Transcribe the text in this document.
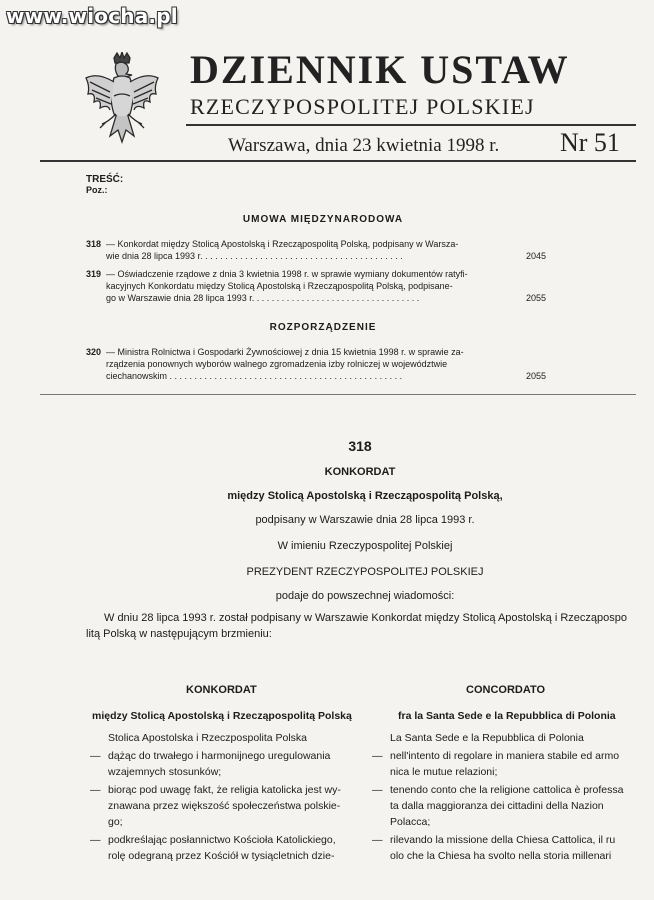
www.wiocha.pl
DZIENNIK USTAW
RZECZYPOSPOLITEJ POLSKIEJ
Warszawa, dnia 23 kwietnia 1998 r. Nr 51
TREŚĆ:
Poz.:
UMOWA MIĘDZYNARODOWA
318 — Konkordat między Stolicą Apostolską i Rzecząpospolitą Polską, podpisany w Warsza-
wie dnia 28 lipca 1993 r. . . . . . . . . . . . . . . . . . . . . . . . . . . . . . . . . . . . . . . . .	2045
319 — Oświadczenie rządowe z dnia 3 kwietnia 1998 r. w sprawie wymiany dokumentów ratyfi-
kacyjnych Konkordatu między Stolicą Apostolską i Rzecząpospolitą Polską, podpisane-
go w Warszawie dnia 28 lipca 1993 r. . . . . . . . . . . . . . . . . . . . . . . . . . . . . . . . . .	2055
ROZPORZĄDZENIE
320 — Ministra Rolnictwa i Gospodarki Żywnościowej z dnia 15 kwietnia 1998 r. w sprawie za-
rządzenia ponownych wyborów walnego zgromadzenia izby rolniczej w województwie
ciechanowskim . . . . . . . . . . . . . . . . . . . . . . . . . . . . . . . . . . . . . . . . . . . . . . .	2055
318
KONKORDAT
między Stolicą Apostolską i Rzecząpospolitą Polską,
podpisany w Warszawie dnia 28 lipca 1993 r.
W imieniu Rzeczypospolitej Polskiej
PREZYDENT RZECZYPOSPOLITEJ POLSKIEJ
podaje do powszechnej wiadomości:
W dniu 28 lipca 1993 r. został podpisany w Warszawie Konkordat między Stolicą Apostolską i Rzecząpospo
litą Polską w następującym brzmieniu:
KONKORDAT
między Stolicą Apostolską i Rzecząpospolitą Polską
Stolica Apostolska i Rzeczpospolita Polska
— dążąc do trwałego i harmonijnego uregulowania
wzajemnych stosunków;
— biorąc pod uwagę fakt, że religia katolicka jest wy-
znawana przez większość społeczeństwa polskie-
go;
— podkreślając posłannictwo Kościoła Katolickiego,
rolę odegraną przez Kościół w tysiącletnich dzie-
CONCORDATO
fra la Santa Sede e la Repubblica di Polonia
La Santa Sede e la Repubblica di Polonia
nell'intento di regolare in maniera stabile ed armo
nica le mutue relazioni;
—
tenendo conto che la religione cattolica è professa
ta dalla maggioranza dei cittadini della Nazion
Polacca;
—
rilevando la missione della Chiesa Cattolica, il ru
olo che la Chiesa ha svolto nella storia millenari
—
